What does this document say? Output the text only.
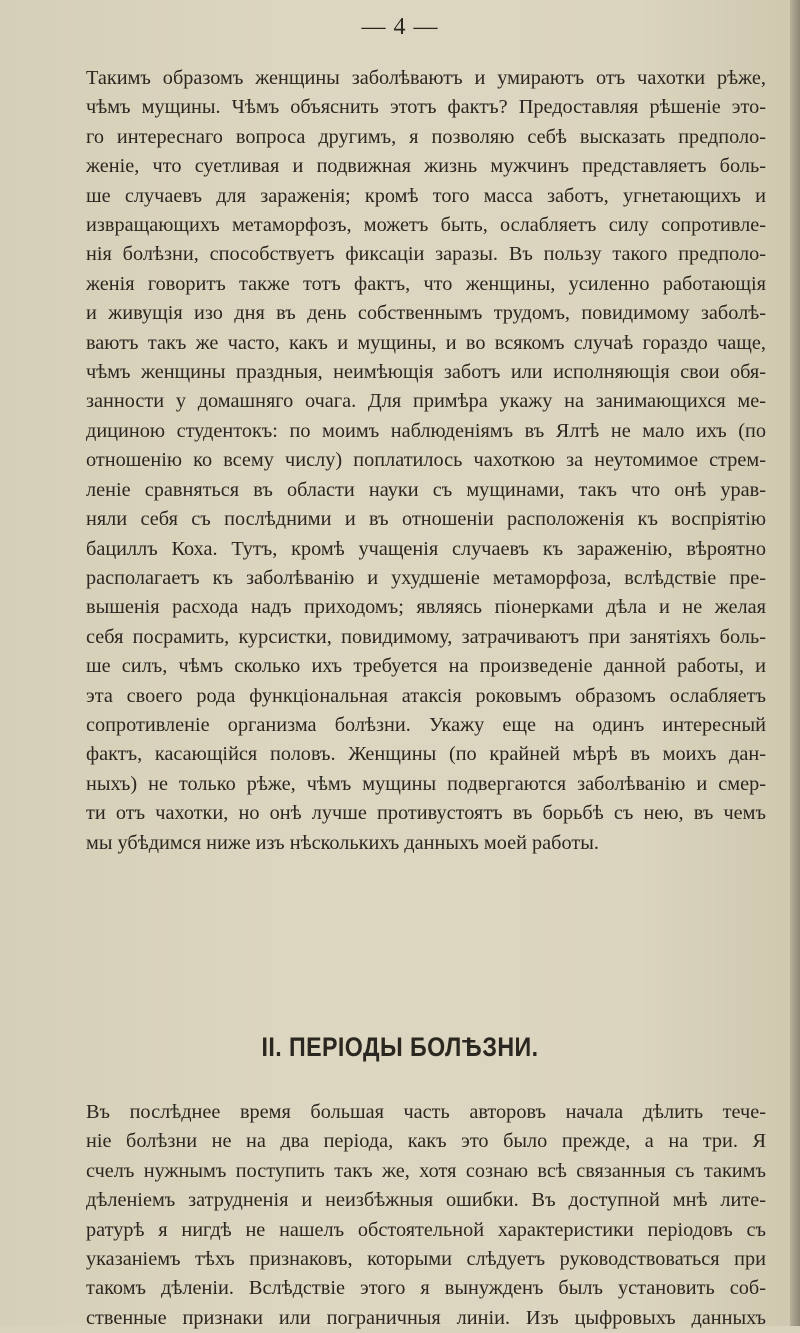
— 4 —
Такимъ образомъ женщины заболѣваютъ и умираютъ отъ чахотки рѣже,
чѣмъ мущины. Чѣмъ объяснить этотъ фактъ? Предоставляя рѣшеніе это-
го интереснаго вопроса другимъ, я позволяю себѣ высказать предполо-
женіе, что суетливая и подвижная жизнь мужчинъ представляетъ боль-
ше случаевъ для зараженія; кромѣ того масса заботъ, угнетающихъ и
извращающихъ метаморфозъ, можетъ быть, ослабляетъ силу сопротивле-
нія болѣзни, способствуетъ фиксаціи заразы. Въ пользу такого предполо-
женія говоритъ также тотъ фактъ, что женщины, усиленно работающія
и живущія изо дня въ день собственнымъ трудомъ, повидимому заболѣ-
ваютъ такъ же часто, какъ и мущины, и во всякомъ случаѣ гораздо чаще,
чѣмъ женщины праздныя, неимѣющія заботъ или исполняющія свои обя-
занности у домашняго очага. Для примѣра укажу на занимающихся ме-
дициною студентокъ: по моимъ наблюденіямъ въ Ялтѣ не мало ихъ (по
отношенію ко всему числу) поплатилось чахоткою за неутомимое стрем-
леніе сравняться въ области науки съ мущинами, такъ что онѣ урав-
няли себя съ послѣдними и въ отношеніи расположенія къ воспріятію
бациллъ Коха. Тутъ, кромѣ учащенія случаевъ къ зараженію, вѣроятно
располагаетъ къ заболѣванію и ухудшеніе метаморфоза, вслѣдствіе пре-
вышенія расхода надъ приходомъ; являясь піонерками дѣла и не желая
себя посрамить, курсистки, повидимому, затрачиваютъ при занятіяхъ боль-
ше силъ, чѣмъ сколько ихъ требуется на произведеніе данной работы, и
эта своего рода функціональная атаксія роковымъ образомъ ослабляетъ
сопротивленіе организма болѣзни. Укажу еще на одинъ интересный
фактъ, касающійся половъ. Женщины (по крайней мѣрѣ въ моихъ дан-
ныхъ) не только рѣже, чѣмъ мущины подвергаются заболѣванію и смер-
ти отъ чахотки, но онѣ лучше противустоятъ въ борьбѣ съ нею, въ чемъ
мы убѣдимся ниже изъ нѣсколькихъ данныхъ моей работы.
II. ПЕРІОДЫ БОЛѢЗНИ.
Въ послѣднее время большая часть авторовъ начала дѣлить тече-
ніе болѣзни не на два періода, какъ это было прежде, а на три. Я
счелъ нужнымъ поступить такъ же, хотя сознаю всѣ связанныя съ такимъ
дѣленіемъ затрудненія и неизбѣжныя ошибки. Въ доступной мнѣ лите-
ратурѣ я нигдѣ не нашелъ обстоятельной характеристики періодовъ съ
указаніемъ тѣхъ признаковъ, которыми слѣдуетъ руководствоваться при
такомъ дѣленіи. Вслѣдствіе этого я вынужденъ былъ установить соб-
ственные признаки или пограничныя линіи. Изъ цыфровыхъ данныхъ
